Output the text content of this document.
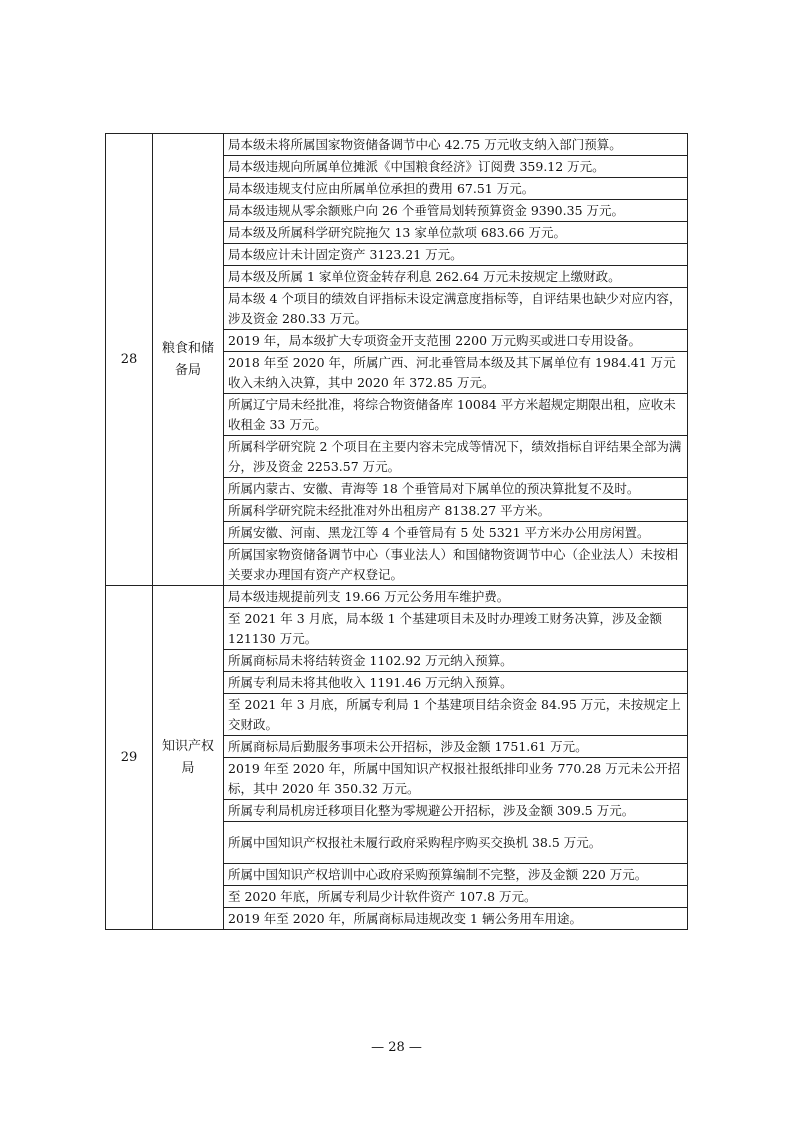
28	粮食和储备局	局本级未将所属国家物资储备调节中心 42.75 万元收支纳入部门预算。
		局本级违规向所属单位摊派《中国粮食经济》订阅费 359.12 万元。
		局本级违规支付应由所属单位承担的费用 67.51 万元。
		局本级违规从零余额账户向 26 个垂管局划转预算资金 9390.35 万元。
		局本级及所属科学研究院拖欠 13 家单位款项 683.66 万元。
		局本级应计未计固定资产 3123.21 万元。
		局本级及所属 1 家单位资金转存利息 262.64 万元未按规定上缴财政。
		局本级 4 个项目的绩效自评指标未设定满意度指标等，自评结果也缺少对应内容，涉及资金 280.33 万元。
		2019 年，局本级扩大专项资金开支范围 2200 万元购买或进口专用设备。
		2018 年至 2020 年，所属广西、河北垂管局本级及其下属单位有 1984.41 万元收入未纳入决算，其中 2020 年 372.85 万元。
		所属辽宁局未经批准，将综合物资储备库 10084 平方米超规定期限出租，应收未收租金 33 万元。
		所属科学研究院 2 个项目在主要内容未完成等情况下，绩效指标自评结果全部为满分，涉及资金 2253.57 万元。
		所属内蒙古、安徽、青海等 18 个垂管局对下属单位的预决算批复不及时。
		所属科学研究院未经批准对外出租房产 8138.27 平方米。
		所属安徽、河南、黑龙江等 4 个垂管局有 5 处 5321 平方米办公用房闲置。
		所属国家物资储备调节中心（事业法人）和国储物资调节中心（企业法人）未按相关要求办理国有资产产权登记。
29	知识产权局	局本级违规提前列支 19.66 万元公务用车维护费。
		至 2021 年 3 月底，局本级 1 个基建项目未及时办理竣工财务决算，涉及金额 121130 万元。
		所属商标局未将结转资金 1102.92 万元纳入预算。
		所属专利局未将其他收入 1191.46 万元纳入预算。
		至 2021 年 3 月底，所属专利局 1 个基建项目结余资金 84.95 万元，未按规定上交财政。
		所属商标局后勤服务事项未公开招标，涉及金额 1751.61 万元。
		2019 年至 2020 年，所属中国知识产权报社报纸排印业务 770.28 万元未公开招标，其中 2020 年 350.32 万元。
		所属专利局机房迁移项目化整为零规避公开招标，涉及金额 309.5 万元。
		所属中国知识产权报社未履行政府采购程序购买交换机 38.5 万元。
		所属中国知识产权培训中心政府采购预算编制不完整，涉及金额 220 万元。
		至 2020 年底，所属专利局少计软件资产 107.8 万元。
		2019 年至 2020 年，所属商标局违规改变 1 辆公务用车用途。
— 28 —
